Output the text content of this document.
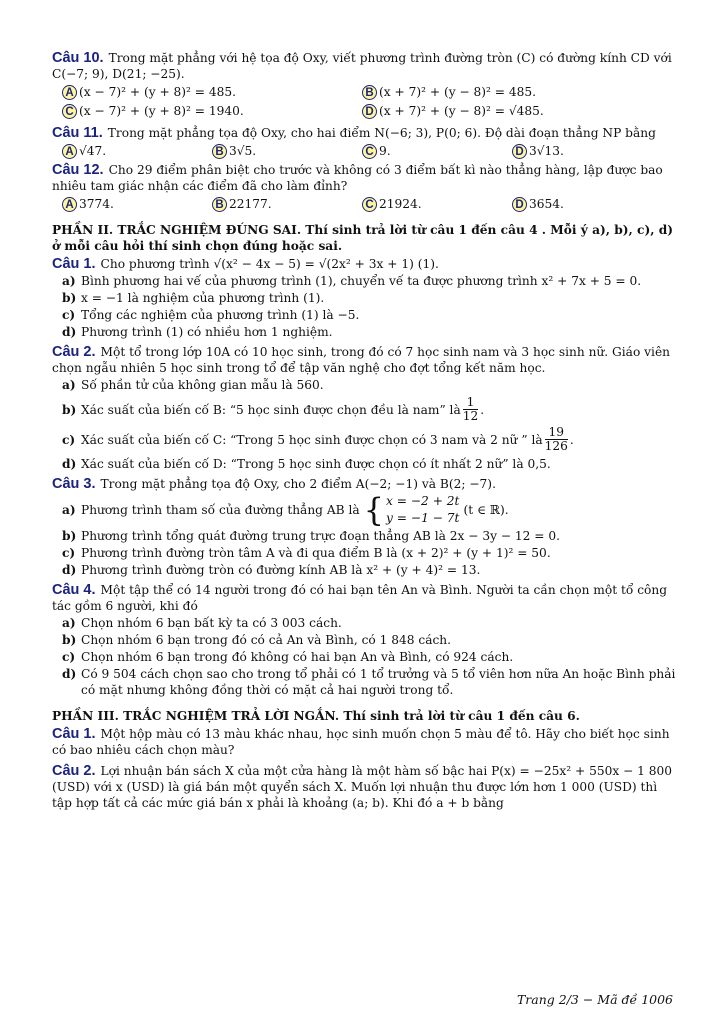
Câu 10. Trong mặt phẳng với hệ tọa độ Oxy, viết phương trình đường tròn (C) có đường kính CD với C(−7; 9), D(21; −25).
A (x − 7)² + (y + 8)² = 485.	B (x + 7)² + (y − 8)² = 485.
C (x − 7)² + (y + 8)² = 1940.	D (x + 7)² + (y − 8)² = √485.
Câu 11. Trong mặt phẳng tọa độ Oxy, cho hai điểm N(−6; 3), P(0; 6). Độ dài đoạn thẳng NP bằng
A √47.	B 3√5.	C 9.	D 3√13.
Câu 12. Cho 29 điểm phân biệt cho trước và không có 3 điểm bất kì nào thẳng hàng, lập được bao nhiêu tam giác nhận các điểm đã cho làm đỉnh?
A 3774.	B 22177.	C 21924.	D 3654.
PHẦN II. TRẮC NGHIỆM ĐÚNG SAI. Thí sinh trả lời từ câu 1 đến câu 4 . Mỗi ý a), b), c), d) ở mỗi câu hỏi thí sinh chọn đúng hoặc sai.
Câu 1. Cho phương trình √(x² − 4x − 5) = √(2x² + 3x + 1) (1).
a) Bình phương hai vế của phương trình (1), chuyển vế ta được phương trình x² + 7x + 5 = 0.
b) x = −1 là nghiệm của phương trình (1).
c) Tổng các nghiệm của phương trình (1) là −5.
d) Phương trình (1) có nhiều hơn 1 nghiệm.
Câu 2. Một tổ trong lớp 10A có 10 học sinh, trong đó có 7 học sinh nam và 3 học sinh nữ. Giáo viên chọn ngẫu nhiên 5 học sinh trong tổ để tập văn nghệ cho đợt tổng kết năm học.
a) Số phần tử của không gian mẫu là 560.
b) Xác suất của biến cố B: “5 học sinh được chọn đều là nam” là $\frac{1}{12}$ .
c) Xác suất của biến cố C: “Trong 5 học sinh được chọn có 3 nam và 2 nữ ” là $\frac{19}{126}$ .
d) Xác suất của biến cố D: “Trong 5 học sinh được chọn có ít nhất 2 nữ” là 0,5.
Câu 3. Trong mặt phẳng tọa độ Oxy, cho 2 điểm A(−2; −1) và B(2; −7).
a) Phương trình tham số của đường thẳng AB là { x = −2 + 2t
y = −1 − 7t
(t ∈ ℝ).
b) Phương trình tổng quát đường trung trực đoạn thẳng AB là 2x − 3y − 12 = 0.
c) Phương trình đường tròn tâm A và đi qua điểm B là (x + 2)² + (y + 1)² = 50.
d) Phương trình đường tròn có đường kính AB là x² + (y + 4)² = 13.
Câu 4. Một tập thể có 14 người trong đó có hai bạn tên An và Bình. Người ta cần chọn một tổ công tác gồm 6 người, khi đó
a) Chọn nhóm 6 bạn bất kỳ ta có 3 003 cách.
b) Chọn nhóm 6 bạn trong đó có cả An và Bình, có 1 848 cách.
c) Chọn nhóm 6 bạn trong đó không có hai bạn An và Bình, có 924 cách.
d) Có 9 504 cách chọn sao cho trong tổ phải có 1 tổ trưởng và 5 tổ viên hơn nữa An hoặc Bình phải có mặt nhưng không đồng thời có mặt cả hai người trong tổ.
PHẦN III. TRẮC NGHIỆM TRẢ LỜI NGẮN. Thí sinh trả lời từ câu 1 đến câu 6.
Câu 1. Một hộp màu có 13 màu khác nhau, học sinh muốn chọn 5 màu để tô. Hãy cho biết học sinh có bao nhiêu cách chọn màu?
Câu 2. Lợi nhuận bán sách X của một cửa hàng là một hàm số bậc hai P(x) = −25x² + 550x − 1 800 (USD) với x (USD) là giá bán một quyển sách X. Muốn lợi nhuận thu được lớn hơn 1 000 (USD) thì tập hợp tất cả các mức giá bán x phải là khoảng (a; b). Khi đó a + b bằng
Trang 2/3 − Mã đề 1006
